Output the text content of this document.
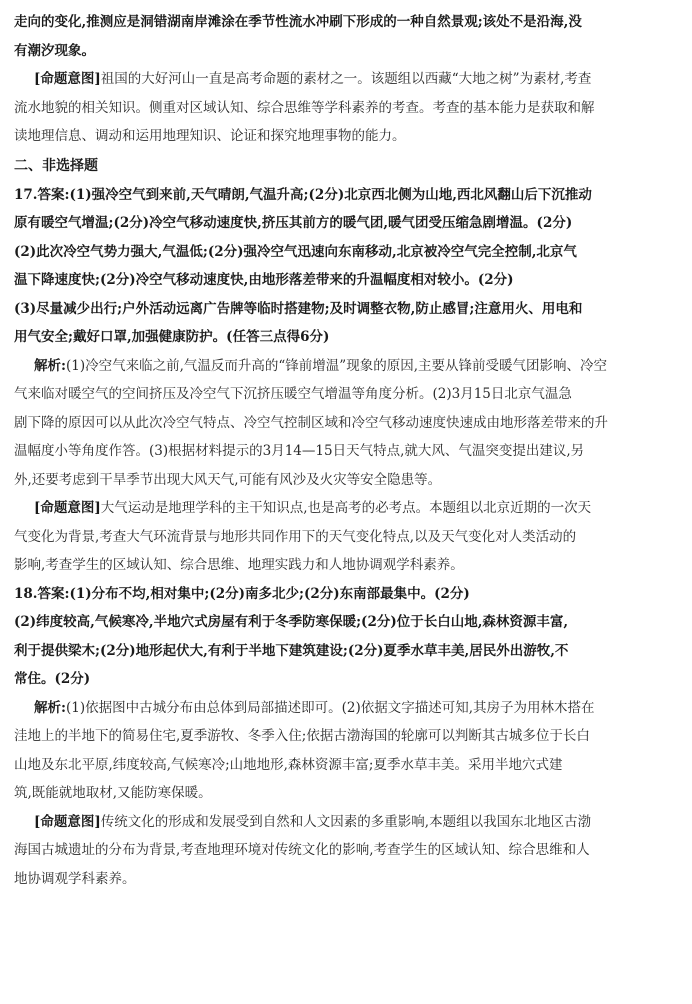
走向的变化,推测应是洞错湖南岸滩涂在季节性流水冲刷下形成的一种自然景观;该处不是沿海,没

有潮汐现象。

[命题意图]祖国的大好河山一直是高考命题的素材之一。该题组以西藏“大地之树”为素材,考查

流水地貌的相关知识。侧重对区域认知、综合思维等学科素养的考查。考查的基本能力是获取和解

读地理信息、调动和运用地理知识、论证和探究地理事物的能力。

二、非选择题

17.答案:(1)强冷空气到来前,天气晴朗,气温升高;(2分)北京西北侧为山地,西北风翻山后下沉推动

原有暖空气增温;(2分)冷空气移动速度快,挤压其前方的暖气团,暖气团受压缩急剧增温。(2分)

(2)此次冷空气势力强大,气温低;(2分)强冷空气迅速向东南移动,北京被冷空气完全控制,北京气

温下降速度快;(2分)冷空气移动速度快,由地形落差带来的升温幅度相对较小。(2分)

(3)尽量减少出行;户外活动远离广告牌等临时搭建物;及时调整衣物,防止感冒;注意用火、用电和

用气安全;戴好口罩,加强健康防护。(任答三点得6分)

解析:(1)冷空气来临之前,气温反而升高的“锋前增温”现象的原因,主要从锋前受暖气团影响、冷空

气来临对暖空气的空间挤压及冷空气下沉挤压暖空气增温等角度分析。(2)3月15日北京气温急

剧下降的原因可以从此次冷空气特点、冷空气控制区域和冷空气移动速度快速成由地形落差带来的升

温幅度小等角度作答。(3)根据材料提示的3月14—15日天气特点,就大风、气温突变提出建议,另

外,还要考虑到干旱季节出现大风天气,可能有风沙及火灾等安全隐患等。

[命题意图]大气运动是地理学科的主干知识点,也是高考的必考点。本题组以北京近期的一次天

气变化为背景,考查大气环流背景与地形共同作用下的天气变化特点,以及天气变化对人类活动的

影响,考查学生的区域认知、综合思维、地理实践力和人地协调观学科素养。

18.答案:(1)分布不均,相对集中;(2分)南多北少;(2分)东南部最集中。(2分)

(2)纬度较高,气候寒冷,半地穴式房屋有利于冬季防寒保暖;(2分)位于长白山地,森林资源丰富,

利于提供梁木;(2分)地形起伏大,有利于半地下建筑建设;(2分)夏季水草丰美,居民外出游牧,不

常住。(2分)

解析:(1)依据图中古城分布由总体到局部描述即可。(2)依据文字描述可知,其房子为用林木搭在

洼地上的半地下的简易住宅,夏季游牧、冬季入住;依据古渤海国的轮廓可以判断其古城多位于长白

山地及东北平原,纬度较高,气候寒冷;山地地形,森林资源丰富;夏季水草丰美。采用半地穴式建

筑,既能就地取材,又能防寒保暖。

[命题意图]传统文化的形成和发展受到自然和人文因素的多重影响,本题组以我国东北地区古渤

海国古城遗址的分布为背景,考查地理环境对传统文化的影响,考查学生的区域认知、综合思维和人

地协调观学科素养。
